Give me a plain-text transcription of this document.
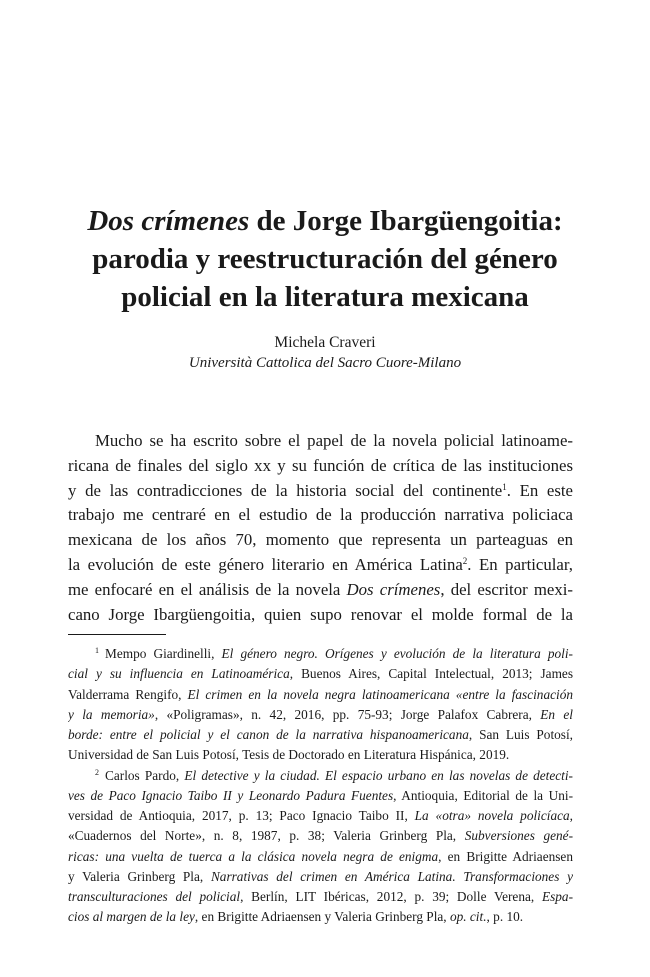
Dos crímenes de Jorge Ibargüengoitia:
parodia y reestructuración del género
policial en la literatura mexicana
Michela Craveri
Università Cattolica del Sacro Cuore-Milano
Mucho se ha escrito sobre el papel de la novela policial latinoame-
ricana de finales del siglo xx y su función de crítica de las instituciones
y de las contradicciones de la historia social del continente$^1$. En este
trabajo me centraré en el estudio de la producción narrativa policiaca
mexicana de los años 70, momento que representa un parteaguas en
la evolución de este género literario en América Latina$^2$. En particular,
me enfocaré en el análisis de la novela Dos crímenes, del escritor mexi-
cano Jorge Ibargüengoitia, quien supo renovar el molde formal de la
$^1$ Mempo Giardinelli, El género negro. Orígenes y evolución de la literatura poli-
cial y su influencia en Latinoamérica, Buenos Aires, Capital Intelectual, 2013; James
Valderrama Rengifo, El crimen en la novela negra latinoamericana «entre la fascinación
y la memoria», «Poligramas», n. 42, 2016, pp. 75-93; Jorge Palafox Cabrera, En el
borde: entre el policial y el canon de la narrativa hispanoamericana, San Luis Potosí,
Universidad de San Luis Potosí, Tesis de Doctorado en Literatura Hispánica, 2019.
$^2$ Carlos Pardo, El detective y la ciudad. El espacio urbano en las novelas de detecti-
ves de Paco Ignacio Taibo II y Leonardo Padura Fuentes, Antioquia, Editorial de la Uni-
versidad de Antioquia, 2017, p. 13; Paco Ignacio Taibo II, La «otra» novela policíaca,
«Cuadernos del Norte», n. 8, 1987, p. 38; Valeria Grinberg Pla, Subversiones gené-
ricas: una vuelta de tuerca a la clásica novela negra de enigma, en Brigitte Adriaensen
y Valeria Grinberg Pla, Narrativas del crimen en América Latina. Transformaciones y
transculturaciones del policial, Berlín, LIT Ibéricas, 2012, p. 39; Dolle Verena, Espa-
cios al margen de la ley, en Brigitte Adriaensen y Valeria Grinberg Pla, op. cit., p. 10.
